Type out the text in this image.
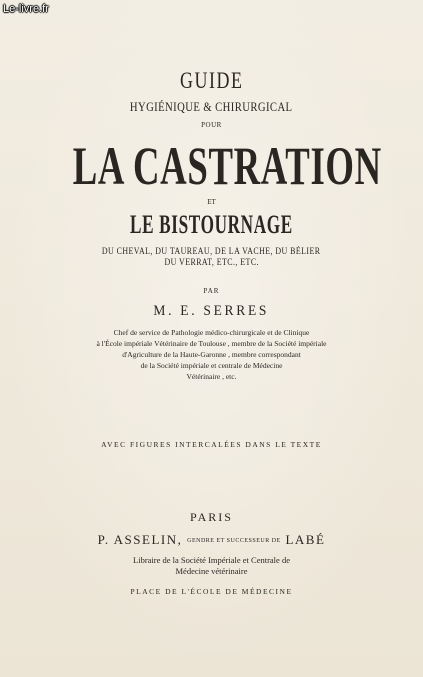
Le-livre.fr
GUIDE
HYGIÉNIQUE & CHIRURGICAL
POUR
LA CASTRATION
ET
LE BISTOURNAGE
DU CHEVAL, DU TAUREAU, DE LA VACHE, DU BÉLIER
DU VERRAT, ETC., ETC.
PAR
M. E. SERRES
Chef de service de Pathologie médico-chirurgicale et de Clinique
à l'École impériale Vétérinaire de Toulouse , membre de la Société impériale
d'Agriculture de la Haute-Garonne , membre correspondant
de la Société impériale et centrale de Médecine
Vétérinaire , etc.
AVEC FIGURES INTERCALÉES DANS LE TEXTE
PARIS
P. ASSELIN, GENDRE ET SUCCESSEUR DE LABÉ
Libraire de la Société Impériale et Centrale de
Médecine vétérinaire
PLACE DE L'ÉCOLE DE MÉDECINE
